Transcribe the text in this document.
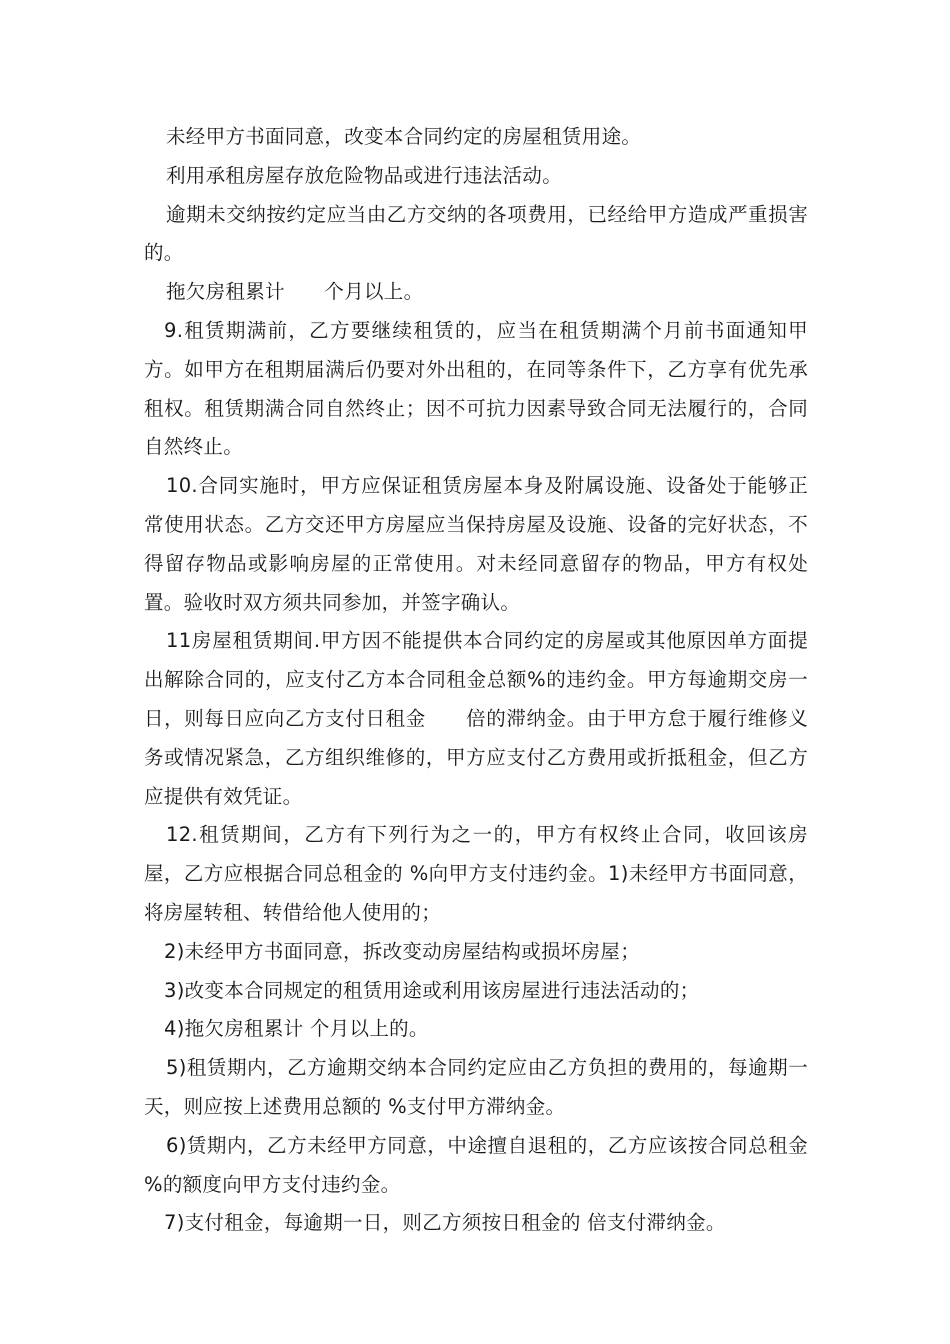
未经甲方书面同意，改变本合同约定的房屋租赁用途。

利用承租房屋存放危险物品或进行违法活动。

逾期未交纳按约定应当由乙方交纳的各项费用，已经给甲方造成严重损害的。

拖欠房租累计　　个月以上。

9.租赁期满前，乙方要继续租赁的，应当在租赁期满个月前书面通知甲方。如甲方在租期届满后仍要对外出租的，在同等条件下，乙方享有优先承租权。租赁期满合同自然终止；因不可抗力因素导致合同无法履行的，合同自然终止。

10.合同实施时，甲方应保证租赁房屋本身及附属设施、设备处于能够正常使用状态。乙方交还甲方房屋应当保持房屋及设施、设备的完好状态，不得留存物品或影响房屋的正常使用。对未经同意留存的物品，甲方有权处置。验收时双方须共同参加，并签字确认。

11房屋租赁期间.甲方因不能提供本合同约定的房屋或其他原因单方面提出解除合同的，应支付乙方本合同租金总额%的违约金。甲方每逾期交房一日，则每日应向乙方支付日租金　　倍的滞纳金。由于甲方怠于履行维修义务或情况紧急，乙方组织维修的，甲方应支付乙方费用或折抵租金，但乙方应提供有效凭证。

12.租赁期间，乙方有下列行为之一的，甲方有权终止合同，收回该房屋，乙方应根据合同总租金的 %向甲方支付违约金。1)未经甲方书面同意，将房屋转租、转借给他人使用的；

2)未经甲方书面同意，拆改变动房屋结构或损坏房屋；

3)改变本合同规定的租赁用途或利用该房屋进行违法活动的；

4)拖欠房租累计 个月以上的。

5)租赁期内，乙方逾期交纳本合同约定应由乙方负担的费用的，每逾期一天，则应按上述费用总额的 %支付甲方滞纳金。

6)赁期内，乙方未经甲方同意，中途擅自退租的，乙方应该按合同总租金 %的额度向甲方支付违约金。

7)支付租金，每逾期一日，则乙方须按日租金的 倍支付滞纳金。
